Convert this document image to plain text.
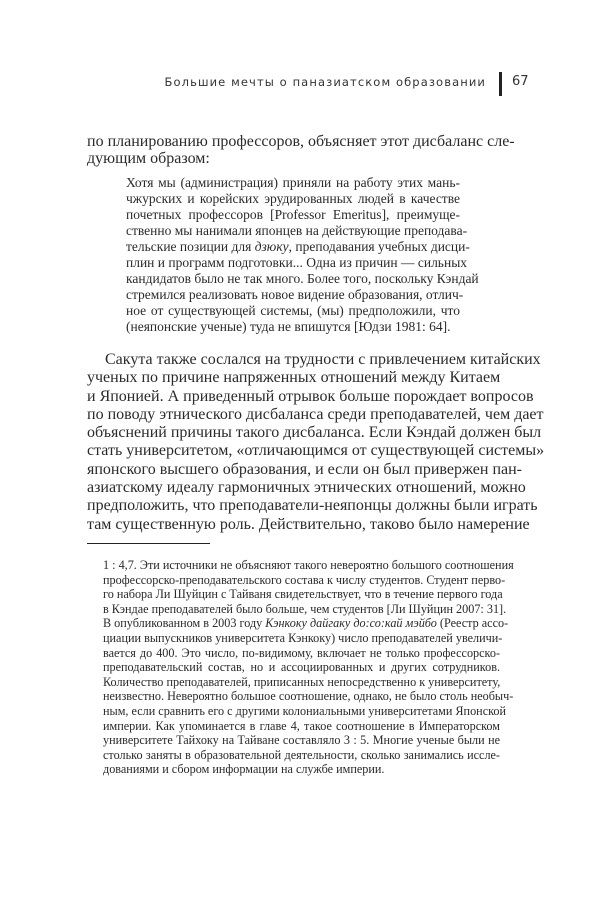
Большие мечты о паназиатском образовании 67
по планированию профессоров, объясняет этот дисбаланс сле-
дующим образом:
Хотя мы (администрация) приняли на работу этих мань-
чжурских и корейских эрудированных людей в качестве
почетных профессоров [Professor Emeritus], преимуще-
ственно мы нанимали японцев на действующие преподава-
тельские позиции для дзюку, преподавания учебных дисци-
плин и программ подготовки... Одна из причин — сильных
кандидатов было не так много. Более того, поскольку Кэндай
стремился реализовать новое видение образования, отлич-
ное от существующей системы, (мы) предположили, что
(неяпонские ученые) туда не впишутся [Юдзи 1981: 64].
Сакута также сослался на трудности с привлечением китайских
ученых по причине напряженных отношений между Китаем
и Японией. А приведенный отрывок больше порождает вопросов
по поводу этнического дисбаланса среди преподавателей, чем дает
объяснений причины такого дисбаланса. Если Кэндай должен был
стать университетом, «отличающимся от существующей системы»
японского высшего образования, и если он был привержен пан-
азиатскому идеалу гармоничных этнических отношений, можно
предположить, что преподаватели-неяпонцы должны были играть
там существенную роль. Действительно, таково было намерение
1 : 4,7. Эти источники не объясняют такого невероятно большого соотношения
профессорско-преподавательского состава к числу студентов. Студент перво-
го набора Ли Шуйцин с Тайваня свидетельствует, что в течение первого года
в Кэндае преподавателей было больше, чем студентов [Ли Шуйцин 2007: 31].
В опубликованном в 2003 году Кэнкоку дайгаку до:со:кай мэйбо (Реестр ассо-
циации выпускников университета Кэнкоку) число преподавателей увеличи-
вается до 400. Это число, по-видимому, включает не только профессорско-
преподавательский состав, но и ассоциированных и других сотрудников.
Количество преподавателей, приписанных непосредственно к университету,
неизвестно. Невероятно большое соотношение, однако, не было столь необыч-
ным, если сравнить его с другими колониальными университетами Японской
империи. Как упоминается в главе 4, такое соотношение в Императорском
университете Тайхоку на Тайване составляло 3 : 5. Многие ученые были не
столько заняты в образовательной деятельности, сколько занимались иссле-
дованиями и сбором информации на службе империи.
